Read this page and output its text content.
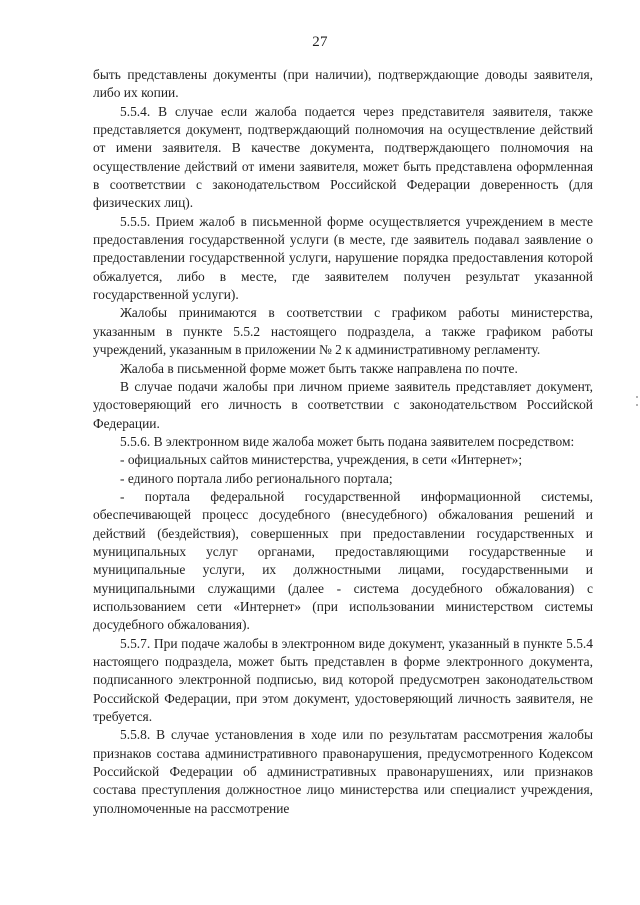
27

быть представлены документы (при наличии), подтверждающие доводы заявителя, либо их копии.

5.5.4. В случае если жалоба подается через представителя заявителя, также представляется документ, подтверждающий полномочия на осуществление действий от имени заявителя. В качестве документа, подтверждающего полномочия на осуществление действий от имени заявителя, может быть представлена оформленная в соответствии с законодательством Российской Федерации доверенность (для физических лиц).

5.5.5. Прием жалоб в письменной форме осуществляется учреждением в месте предоставления государственной услуги (в месте, где заявитель подавал заявление о предоставлении государственной услуги, нарушение порядка предоставления которой обжалуется, либо в месте, где заявителем получен результат указанной государственной услуги).

Жалобы принимаются в соответствии с графиком работы министерства, указанным в пункте 5.5.2 настоящего подраздела, а также графиком работы учреждений, указанным в приложении № 2 к административному регламенту.

Жалоба в письменной форме может быть также направлена по почте.

В случае подачи жалобы при личном приеме заявитель представляет документ, удостоверяющий его личность в соответствии с законодательством Российской Федерации.

5.5.6. В электронном виде жалоба может быть подана заявителем посредством:

- официальных сайтов министерства, учреждения, в сети «Интернет»;

- единого портала либо регионального портала;

- портала федеральной государственной информационной системы, обеспечивающей процесс досудебного (внесудебного) обжалования решений и действий (бездействия), совершенных при предоставлении государственных и муниципальных услуг органами, предоставляющими государственные и муниципальные услуги, их должностными лицами, государственными и муниципальными служащими (далее - система досудебного обжалования) с использованием сети «Интернет» (при использовании министерством системы досудебного обжалования).

5.5.7. При подаче жалобы в электронном виде документ, указанный в пункте 5.5.4 настоящего подраздела, может быть представлен в форме электронного документа, подписанного электронной подписью, вид которой предусмотрен законодательством Российской Федерации, при этом документ, удостоверяющий личность заявителя, не требуется.

5.5.8. В случае установления в ходе или по результатам рассмотрения жалобы признаков состава административного правонарушения, предусмотренного Кодексом Российской Федерации об административных правонарушениях, или признаков состава преступления должностное лицо министерства или специалист учреждения, уполномоченные на рассмотрение
